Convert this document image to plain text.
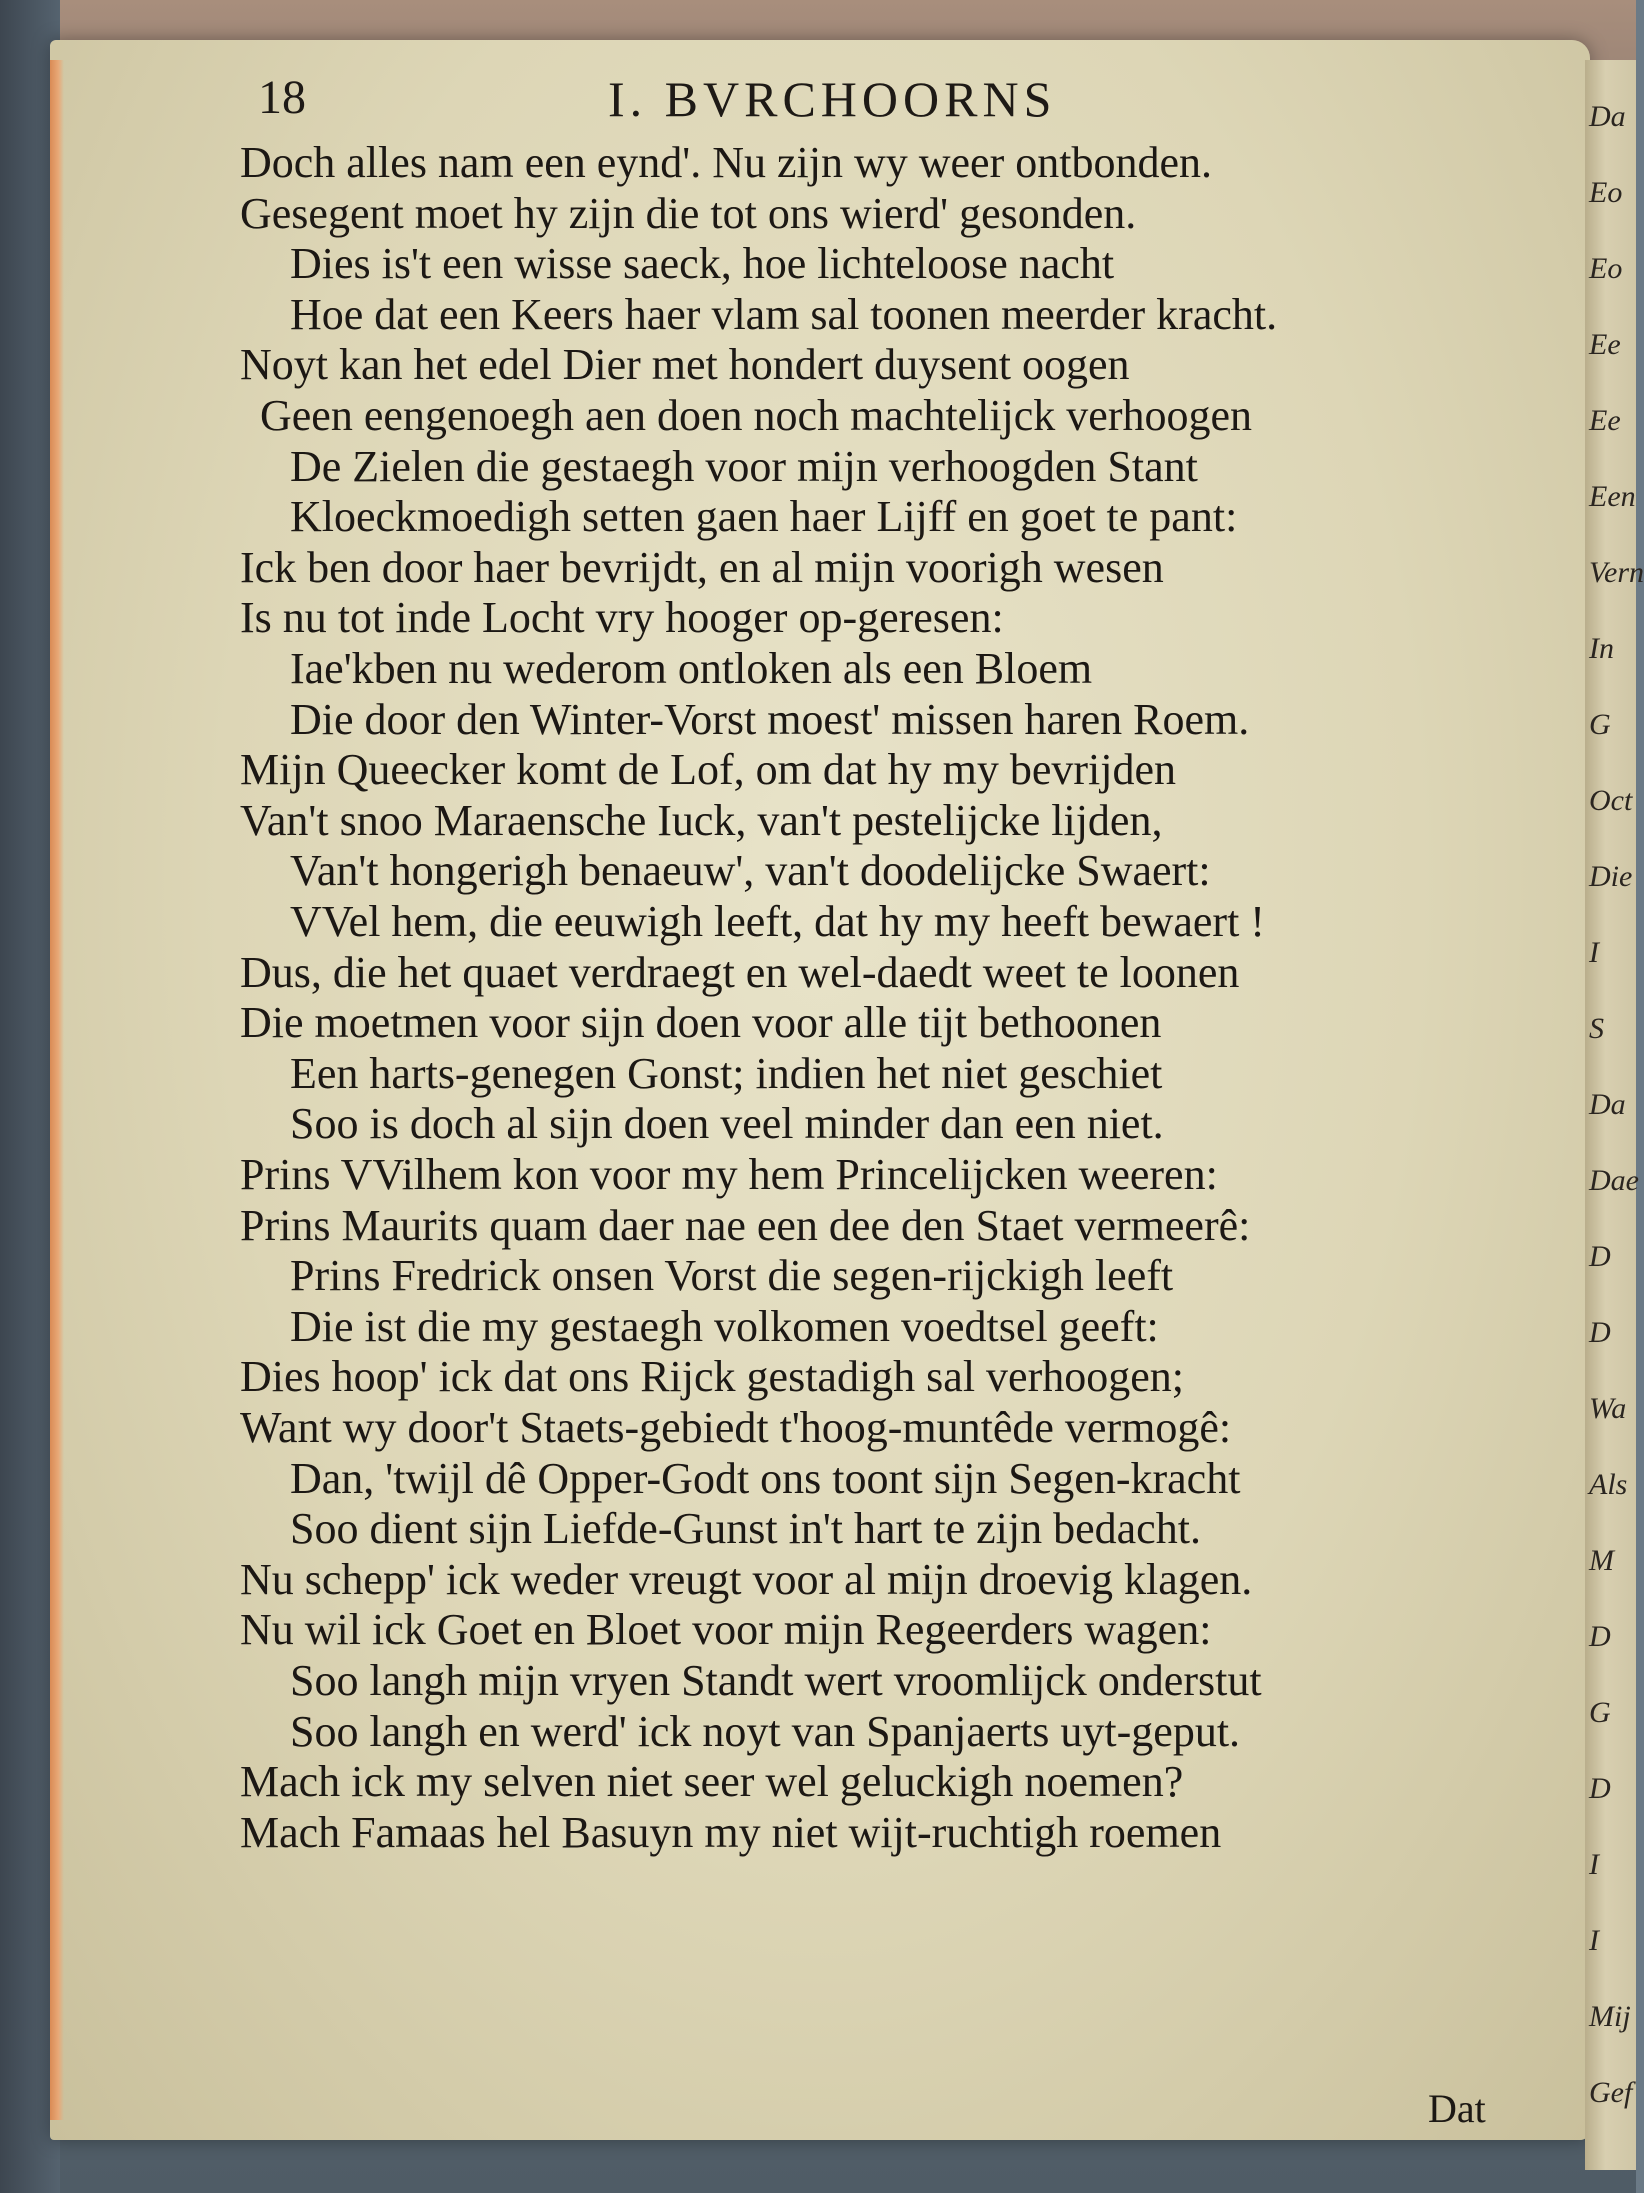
Da
Eo
Eo
Ee
Ee
Een
Vern
In
G
Oct
Die
I
S
Da
Dae
D
D
Wa
Als
M
D
G
D
I
I
Mij
Gef
18	I. BVRCHOORNS
Doch alles nam een eynd'. Nu zijn wy weer ontbonden.
Gesegent moet hy zijn die tot ons wierd' gesonden.
Dies is't een wisse saeck, hoe lichteloose nacht
Hoe dat een Keers haer vlam sal toonen meerder kracht.
Noyt kan het edel Dier met hondert duysent oogen
Geen eengenoegh aen doen noch machtelijck verhoogen
De Zielen die gestaegh voor mijn verhoogden Stant
Kloeckmoedigh setten gaen haer Lijff en goet te pant:
Ick ben door haer bevrijdt, en al mijn voorigh wesen
Is nu tot inde Locht vry hooger op-geresen:
Iae'kben nu wederom ontloken als een Bloem
Die door den Winter-Vorst moest' missen haren Roem.
Mijn Queecker komt de Lof, om dat hy my bevrijden
Van't snoo Maraensche Iuck, van't pestelijcke lijden,
Van't hongerigh benaeuw', van't doodelijcke Swaert:
VVel hem, die eeuwigh leeft, dat hy my heeft bewaert !
Dus, die het quaet verdraegt en wel-daedt weet te loonen
Die moetmen voor sijn doen voor alle tijt bethoonen
Een harts-genegen Gonst; indien het niet geschiet
Soo is doch al sijn doen veel minder dan een niet.
Prins VVilhem kon voor my hem Princelijcken weeren:
Prins Maurits quam daer nae een dee den Staet vermeerê:
Prins Fredrick onsen Vorst die segen-rijckigh leeft
Die ist die my gestaegh volkomen voedtsel geeft:
Dies hoop' ick dat ons Rijck gestadigh sal verhoogen;
Want wy door't Staets-gebiedt t'hoog-muntêde vermogê:
Dan, 'twijl dê Opper-Godt ons toont sijn Segen-kracht
Soo dient sijn Liefde-Gunst in't hart te zijn bedacht.
Nu schepp' ick weder vreugt voor al mijn droevig klagen.
Nu wil ick Goet en Bloet voor mijn Regeerders wagen:
Soo langh mijn vryen Standt wert vroomlijck onderstut
Soo langh en werd' ick noyt van Spanjaerts uyt-geput.
Mach ick my selven niet seer wel geluckigh noemen?
Mach Famaas hel Basuyn my niet wijt-ruchtigh roemen
Dat
